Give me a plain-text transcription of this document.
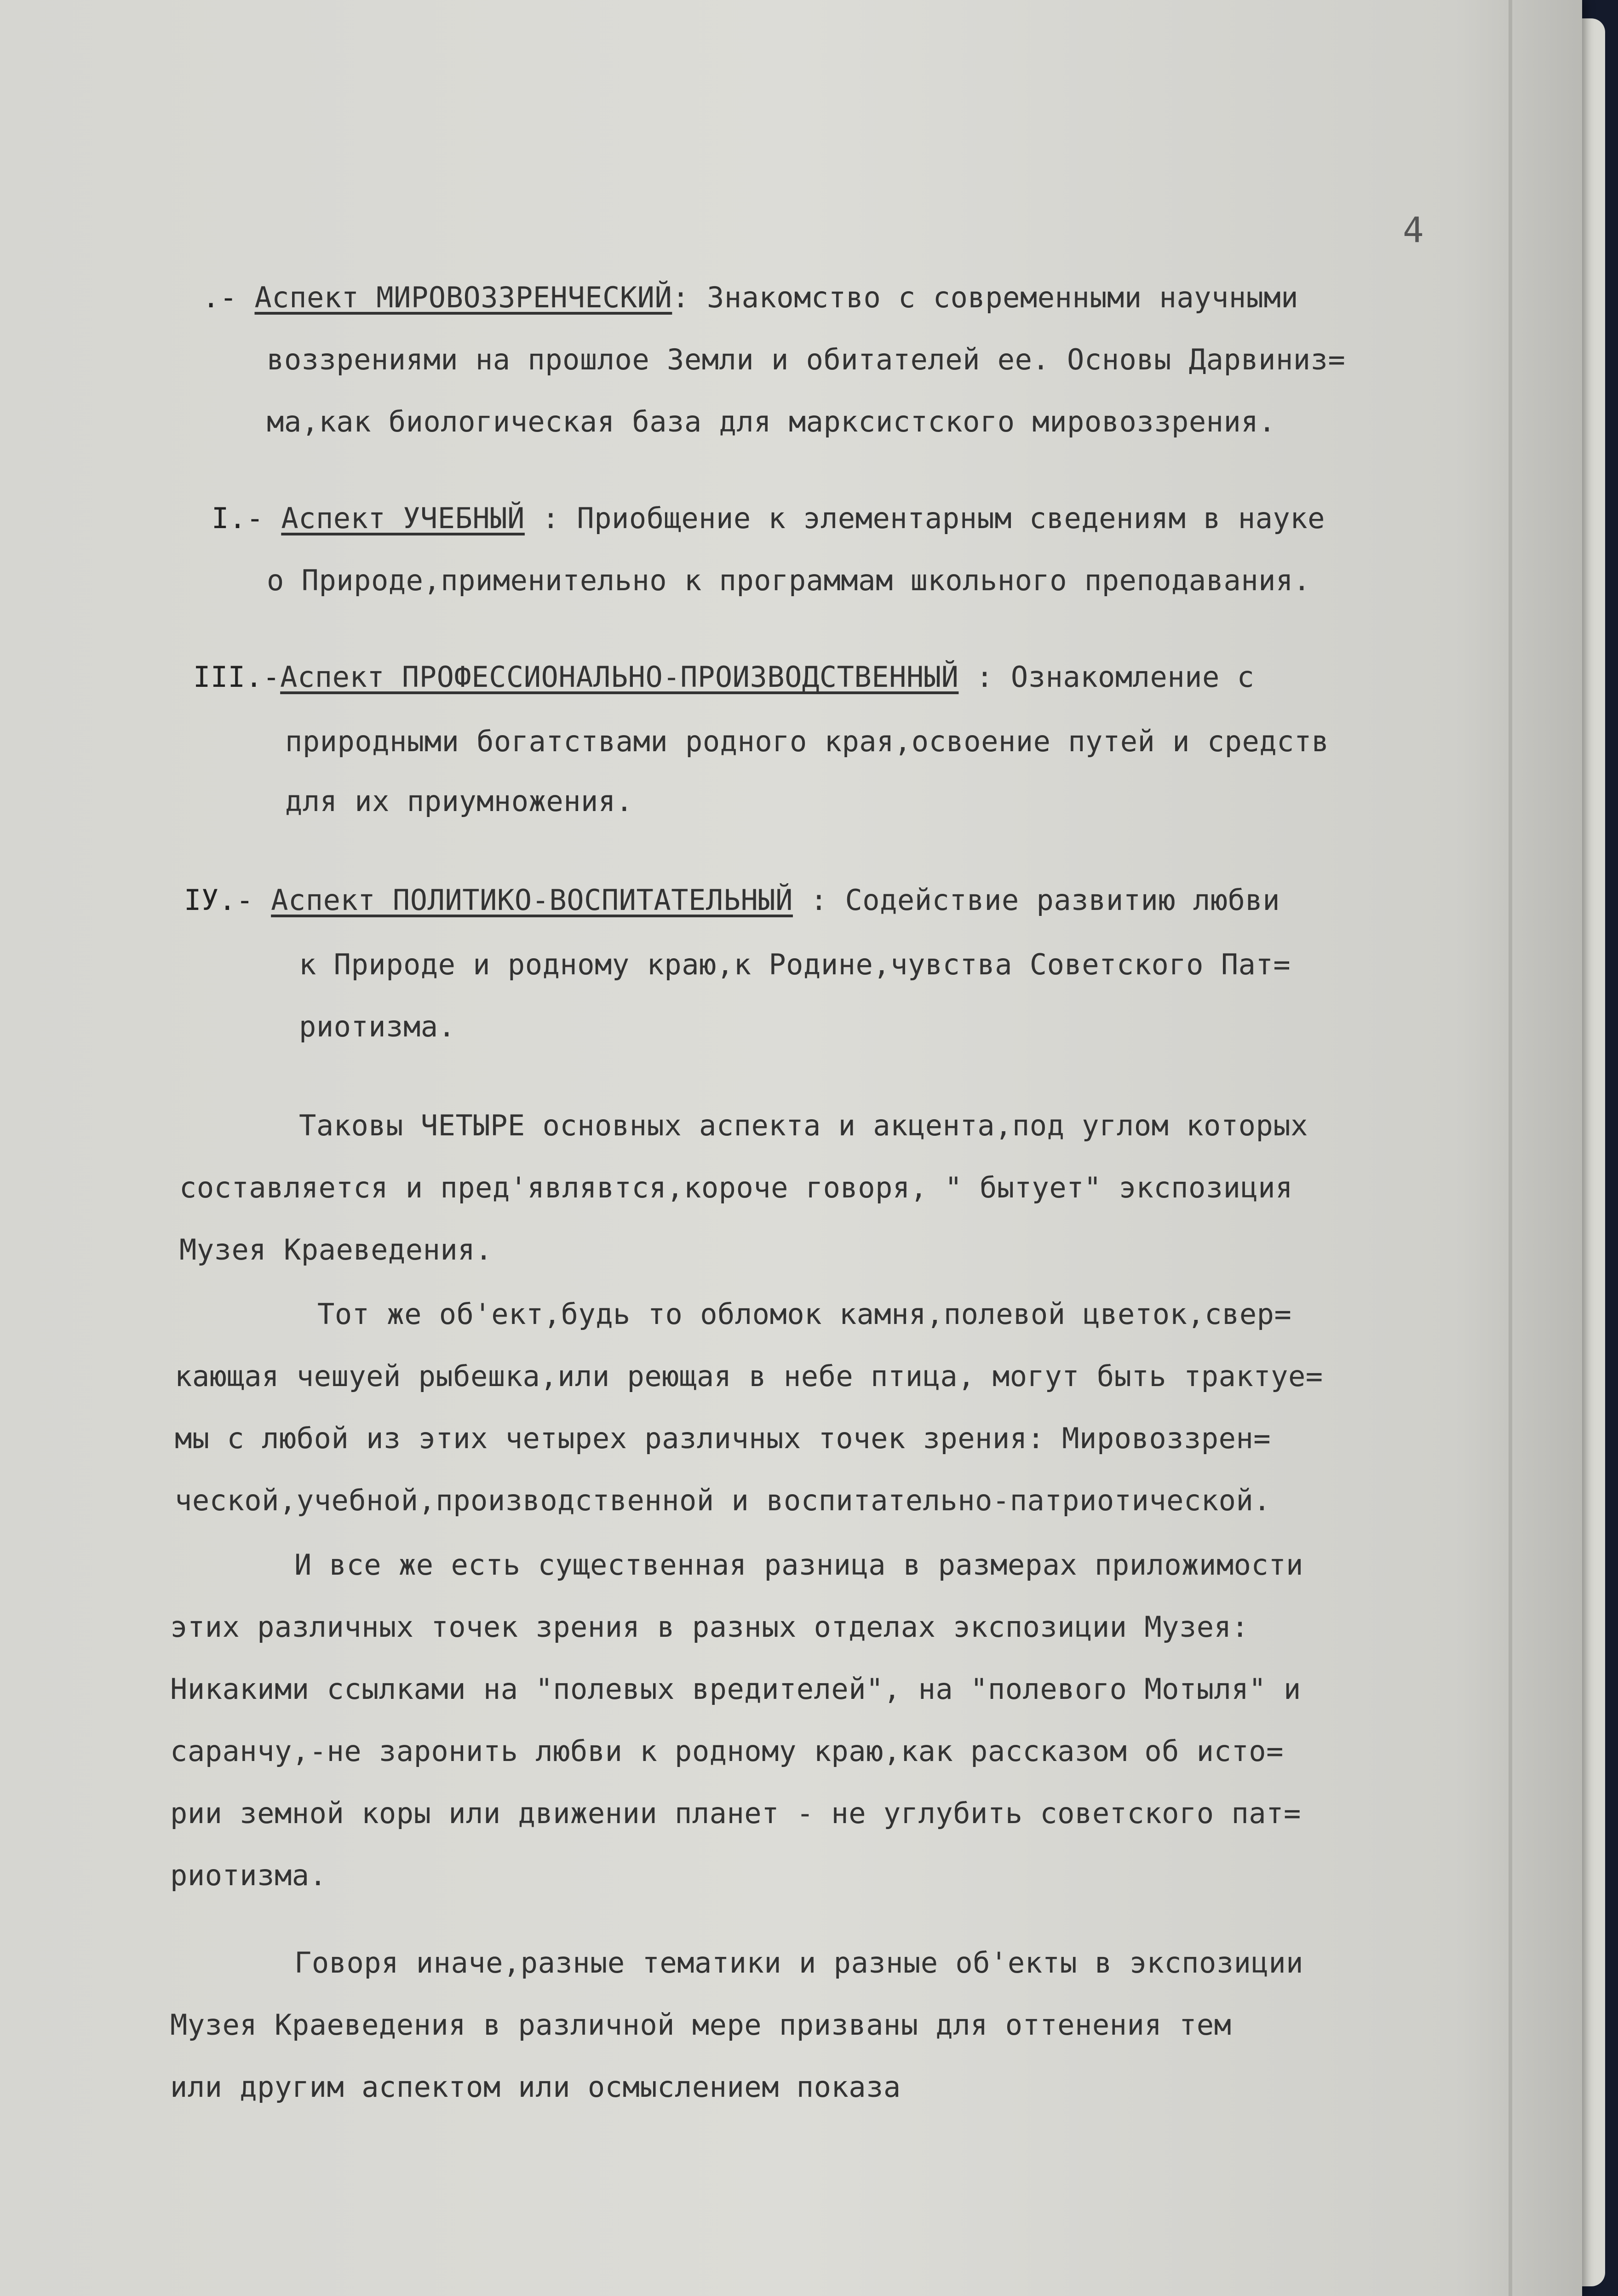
4
.- Аспект МИРОВОЗЗРЕНЧЕСКИЙ: Знакомство с современными научными
воззрениями на прошлое Земли и обитателей ее. Основы Дарвиниз=
ма,как биологическая база для марксистского мировоззрения.
I.- Аспект УЧЕБНЫЙ : Приобщение к элементарным сведениям в науке
о Природе,применительно к программам школьного преподавания.
III.-Аспект ПРОФЕССИОНАЛЬНО-ПРОИЗВОДСТВЕННЫЙ : Ознакомление с
природными богатствами родного края,освоение путей и средств
для их приумножения.
IУ.- Аспект ПОЛИТИКО-ВОСПИТАТЕЛЬНЫЙ : Содействие развитию любви
к Природе и родному краю,к Родине,чувства Советского Пат=
риотизма.
Таковы ЧЕТЫРЕ основных аспекта и акцента,под углом которых
составляется и пред'являвтся,короче говоря, " бытует" экспозиция
Музея Краеведения.
Тот же об'ект,будь то обломок камня,полевой цветок,свер=
кающая чешуей рыбешка,или реющая в небе птица, могут быть трактуе=
мы с любой из этих четырех различных точек зрения: Мировоззрен=
ческой,учебной,производственной и воспитательно-патриотической.
И все же есть существенная разница в размерах приложимости
этих различных точек зрения в разных отделах экспозиции Музея:
Никакими ссылками на "полевых вредителей", на "полевого Мотыля" и
саранчу,-не заронить любви к родному краю,как рассказом об исто=
рии земной коры или движении планет - не углубить советского пат=
риотизма.
Говоря иначе,разные тематики и разные об'екты в экспозиции
Музея Краеведения в различной мере призваны для оттенения тем
или другим аспектом или осмыслением показа
